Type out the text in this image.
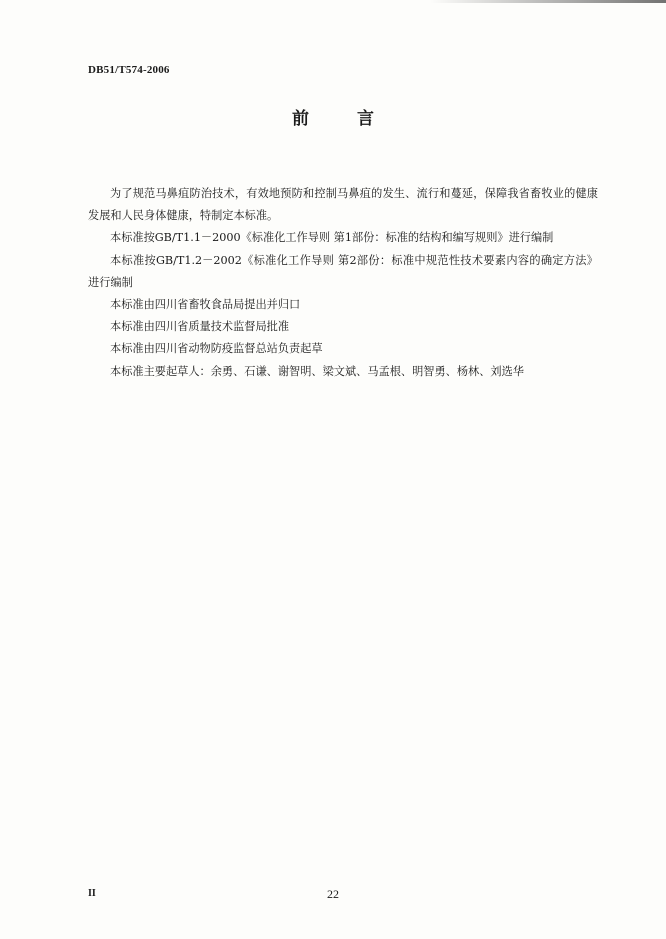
DB51/T574-2006
前	言

为了规范马鼻疽防治技术，有效地预防和控制马鼻疽的发生、流行和蔓延，保障我省畜牧业的健康发展和人民身体健康，特制定本标准。

本标准按GB/T1.1－2000《标准化工作导则 第1部份：标准的结构和编写规则》进行编制

本标准按GB/T1.2－2002《标准化工作导则 第2部份：标准中规范性技术要素内容的确定方法》进行编制

本标准由四川省畜牧食品局提出并归口

本标准由四川省质量技术监督局批准

本标准由四川省动物防疫监督总站负责起草

本标准主要起草人：余勇、石谦、谢智明、梁文斌、马孟根、明智勇、杨林、刘选华

II	22
